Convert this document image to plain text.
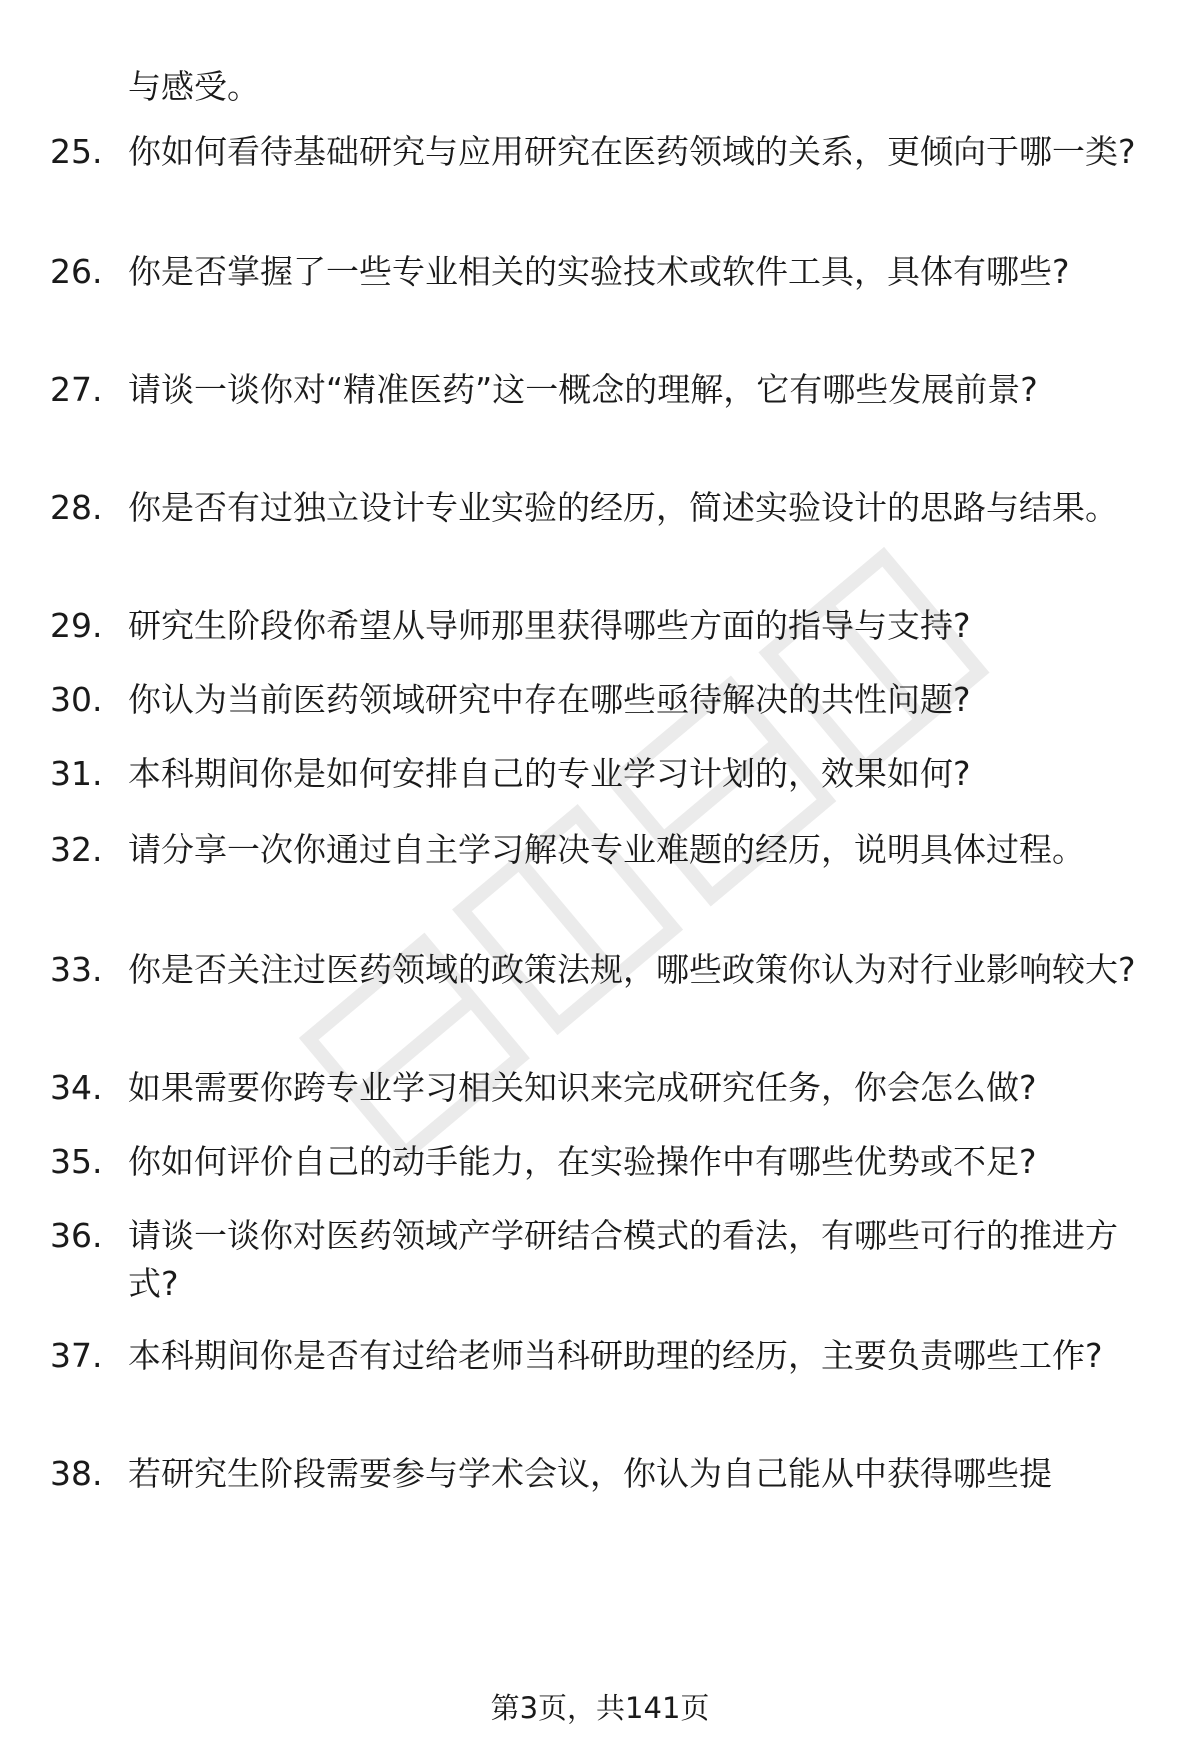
与感受。
25. 你如何看待基础研究与应用研究在医药领域的关系，更倾向于哪一类?
26. 你是否掌握了一些专业相关的实验技术或软件工具，具体有哪些?
27. 请谈一谈你对“精准医药”这一概念的理解，它有哪些发展前景?
28. 你是否有过独立设计专业实验的经历，简述实验设计的思路与结果。
29. 研究生阶段你希望从导师那里获得哪些方面的指导与支持?
30. 你认为当前医药领域研究中存在哪些亟待解决的共性问题?
31. 本科期间你是如何安排自己的专业学习计划的，效果如何?
32. 请分享一次你通过自主学习解决专业难题的经历，说明具体过程。
33. 你是否关注过医药领域的政策法规，哪些政策你认为对行业影响较大?
34. 如果需要你跨专业学习相关知识来完成研究任务，你会怎么做?
35. 你如何评价自己的动手能力，在实验操作中有哪些优势或不足?
36. 请谈一谈你对医药领域产学研结合模式的看法，有哪些可行的推进方式?
37. 本科期间你是否有过给老师当科研助理的经历，主要负责哪些工作?
38. 若研究生阶段需要参与学术会议，你认为自己能从中获得哪些提
第3页，共141页
